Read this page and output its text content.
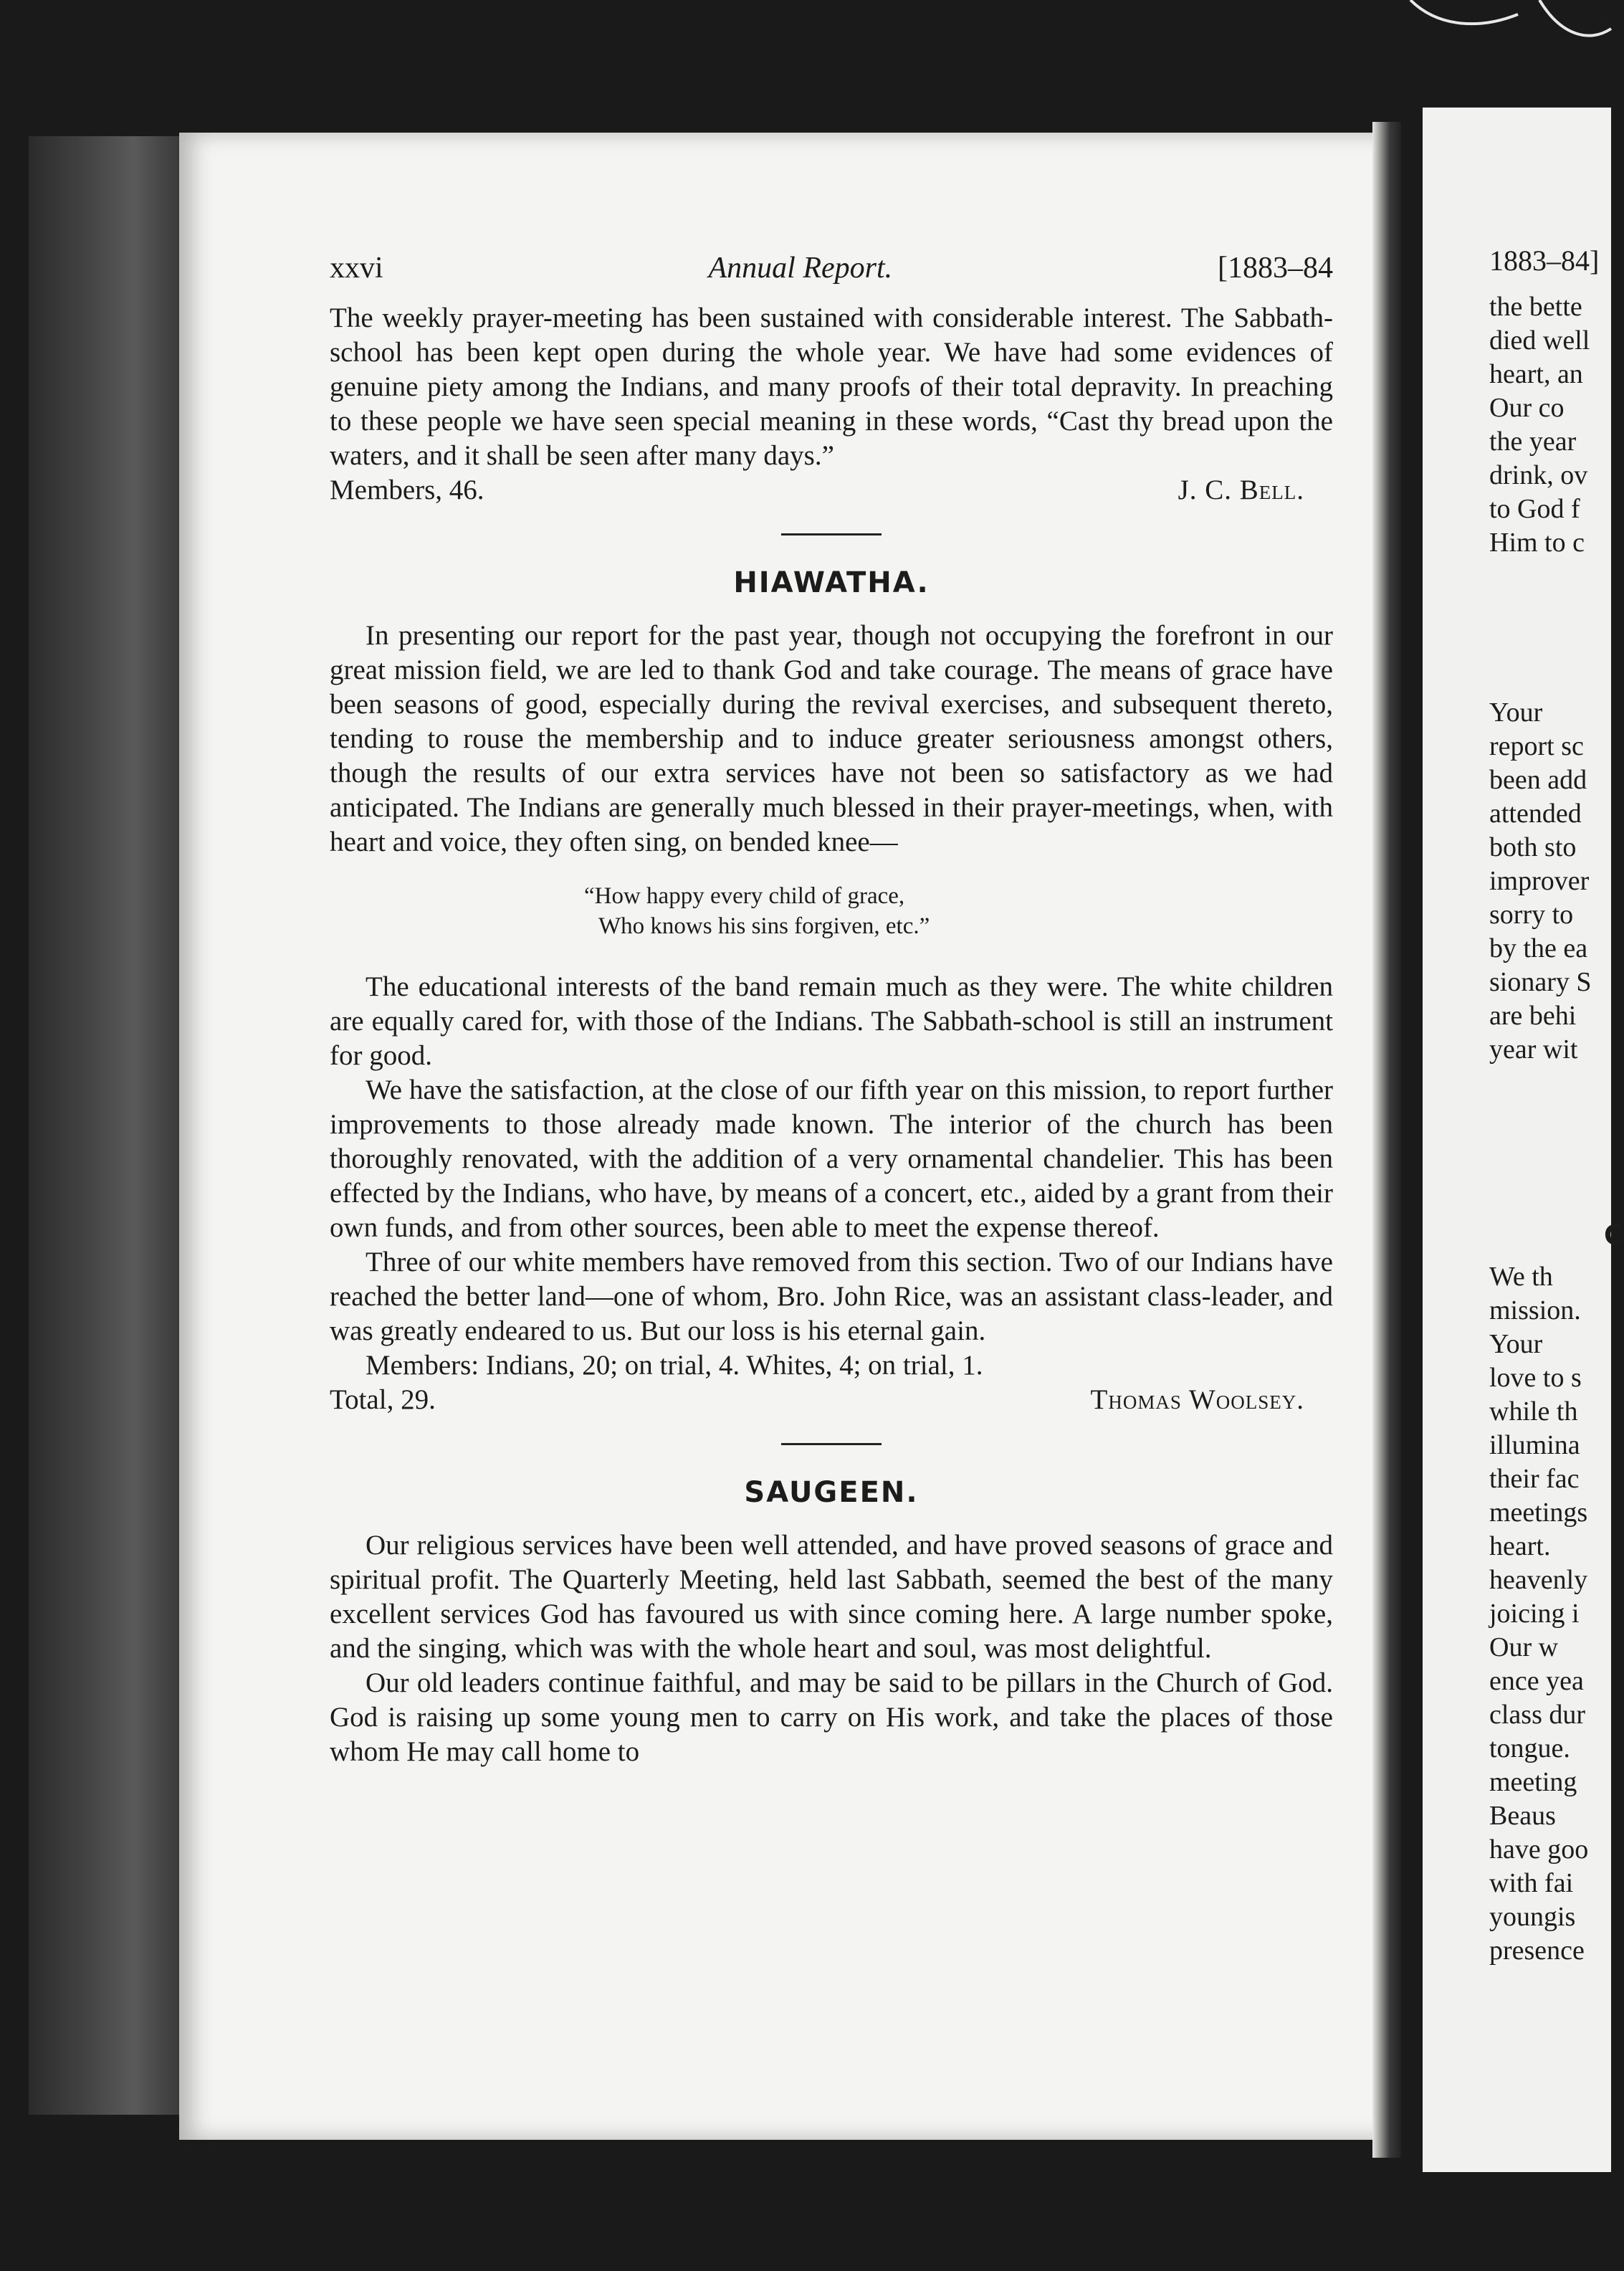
xxvi	Annual Report.	[1883–84

The weekly prayer-meeting has been sustained with considerable interest. The Sabbath-school has been kept open during the whole year. We have had some evidences of genuine piety among the Indians, and many proofs of their total depravity. In preaching to these people we have seen special meaning in these words, “Cast thy bread upon the waters, and it shall be seen after many days.”

Members, 46.	J. C. Bell.
HIAWATHA.

In presenting our report for the past year, though not occupying the forefront in our great mission field, we are led to thank God and take courage. The means of grace have been seasons of good, especially during the revival exercises, and subsequent thereto, tending to rouse the membership and to induce greater seriousness amongst others, though the results of our extra services have not been so satisfactory as we had anticipated. The Indians are generally much blessed in their prayer-meetings, when, with heart and voice, they often sing, on bended knee—

“How happy every child of grace,
Who knows his sins forgiven, etc.”

The educational interests of the band remain much as they were. The white children are equally cared for, with those of the Indians. The Sabbath-school is still an instrument for good.

We have the satisfaction, at the close of our fifth year on this mission, to report further improvements to those already made known. The interior of the church has been thoroughly renovated, with the addition of a very ornamental chandelier. This has been effected by the Indians, who have, by means of a concert, etc., aided by a grant from their own funds, and from other sources, been able to meet the expense thereof.

Three of our white members have removed from this section. Two of our Indians have reached the better land—one of whom, Bro. John Rice, was an assistant class-leader, and was greatly endeared to us. But our loss is his eternal gain.

Members: Indians, 20; on trial, 4. Whites, 4; on trial, 1.

Total, 29.	Thomas Woolsey.
SAUGEEN.

Our religious services have been well attended, and have proved seasons of grace and spiritual profit. The Quarterly Meeting, held last Sabbath, seemed the best of the many excellent services God has favoured us with since coming here. A large number spoke, and the singing, which was with the whole heart and soul, was most delightful.

Our old leaders continue faithful, and may be said to be pillars in the Church of God. God is raising up some young men to carry on His work, and take the places of those whom He may call home to

1883–84]
the bette
died well
heart, an
Our co
the year
drink, ov
to God f
Him to c
Your
report sc
been add
attended
both sto
improver
sorry to
by the ea
sionary S
are behi
year wit
C
We th
mission.
Your
love to s
while th
illumina
their fac
meetings
heart.
heavenly
joicing i
Our w
ence yea
class dur
tongue.
meeting
Beaus
have goo
with fai
youngis
presence
